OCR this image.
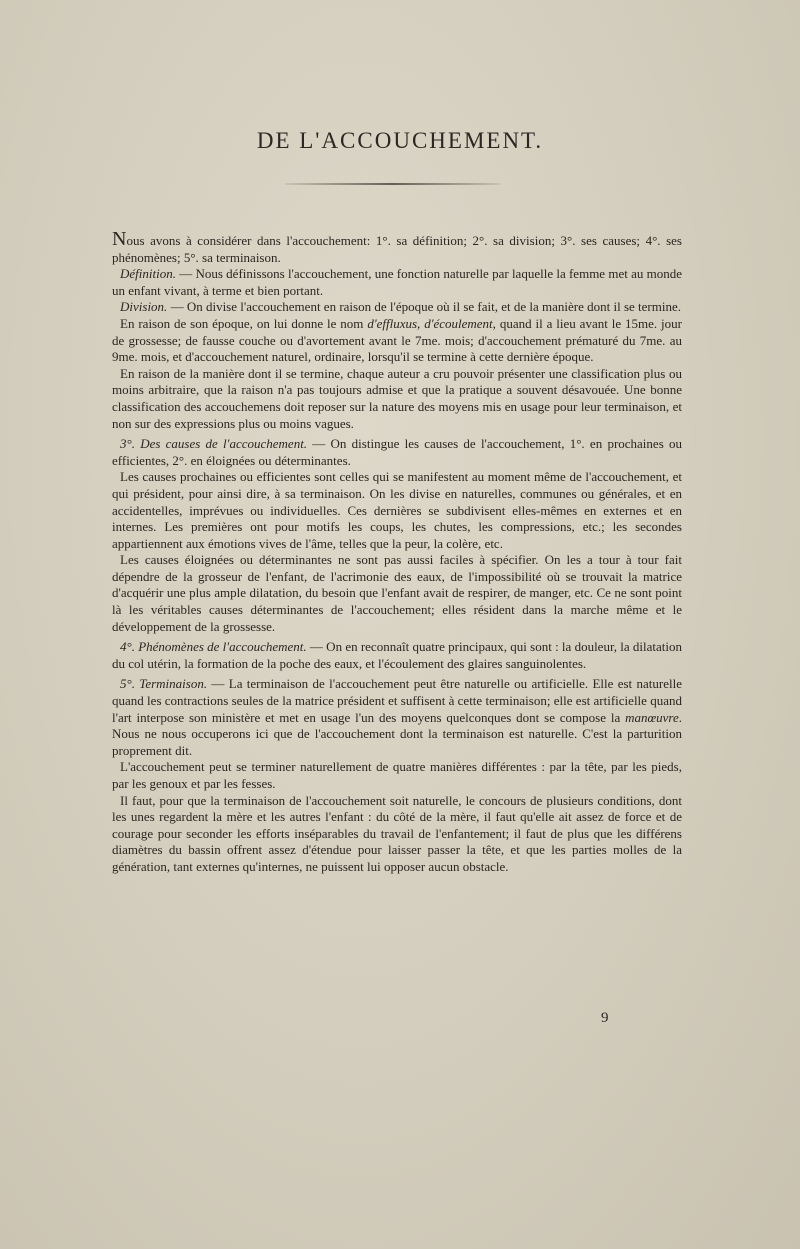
DE L'ACCOUCHEMENT.

Nous avons à considérer dans l'accouchement: 1°. sa définition; 2°. sa division; 3°. ses causes; 4°. ses phénomènes; 5°. sa terminaison.

Définition. — Nous définissons l'accouchement, une fonction naturelle par laquelle la femme met au monde un enfant vivant, à terme et bien portant.

Division. — On divise l'accouchement en raison de l'époque où il se fait, et de la manière dont il se termine.

En raison de son époque, on lui donne le nom d'effluxus, d'écoulement, quand il a lieu avant le 15me. jour de grossesse; de fausse couche ou d'avortement avant le 7me. mois; d'accouchement prématuré du 7me. au 9me. mois, et d'accouchement naturel, ordinaire, lorsqu'il se termine à cette dernière époque.

En raison de la manière dont il se termine, chaque auteur a cru pouvoir présenter une classification plus ou moins arbitraire, que la raison n'a pas toujours admise et que la pratique a souvent désavouée. Une bonne classification des accouchemens doit reposer sur la nature des moyens mis en usage pour leur terminaison, et non sur des expressions plus ou moins vagues.

3°. Des causes de l'accouchement. — On distingue les causes de l'accouchement, 1°. en prochaines ou efficientes, 2°. en éloignées ou déterminantes.

Les causes prochaines ou efficientes sont celles qui se manifestent au moment même de l'accouchement, et qui président, pour ainsi dire, à sa terminaison. On les divise en naturelles, communes ou générales, et en accidentelles, imprévues ou individuelles. Ces dernières se subdivisent elles-mêmes en externes et en internes. Les premières ont pour motifs les coups, les chutes, les compressions, etc.; les secondes appartiennent aux émotions vives de l'âme, telles que la peur, la colère, etc.

Les causes éloignées ou déterminantes ne sont pas aussi faciles à spécifier. On les a tour à tour fait dépendre de la grosseur de l'enfant, de l'acrimonie des eaux, de l'impossibilité où se trouvait la matrice d'acquérir une plus ample dilatation, du besoin que l'enfant avait de respirer, de manger, etc. Ce ne sont point là les véritables causes déterminantes de l'accouchement; elles résident dans la marche même et le développement de la grossesse.

4°. Phénomènes de l'accouchement. — On en reconnaît quatre principaux, qui sont : la douleur, la dilatation du col utérin, la formation de la poche des eaux, et l'écoulement des glaires sanguinolentes.

5°. Terminaison. — La terminaison de l'accouchement peut être naturelle ou artificielle. Elle est naturelle quand les contractions seules de la matrice président et suffisent à cette terminaison; elle est artificielle quand l'art interpose son ministère et met en usage l'un des moyens quelconques dont se compose la manœuvre. Nous ne nous occuperons ici que de l'accouchement dont la terminaison est naturelle. C'est la parturition proprement dit.

L'accouchement peut se terminer naturellement de quatre manières différentes : par la tête, par les pieds, par les genoux et par les fesses.

Il faut, pour que la terminaison de l'accouchement soit naturelle, le concours de plusieurs conditions, dont les unes regardent la mère et les autres l'enfant : du côté de la mère, il faut qu'elle ait assez de force et de courage pour seconder les efforts inséparables du travail de l'enfantement; il faut de plus que les différens diamètres du bassin offrent assez d'étendue pour laisser passer la tête, et que les parties molles de la génération, tant externes qu'internes, ne puissent lui opposer aucun obstacle.

9
